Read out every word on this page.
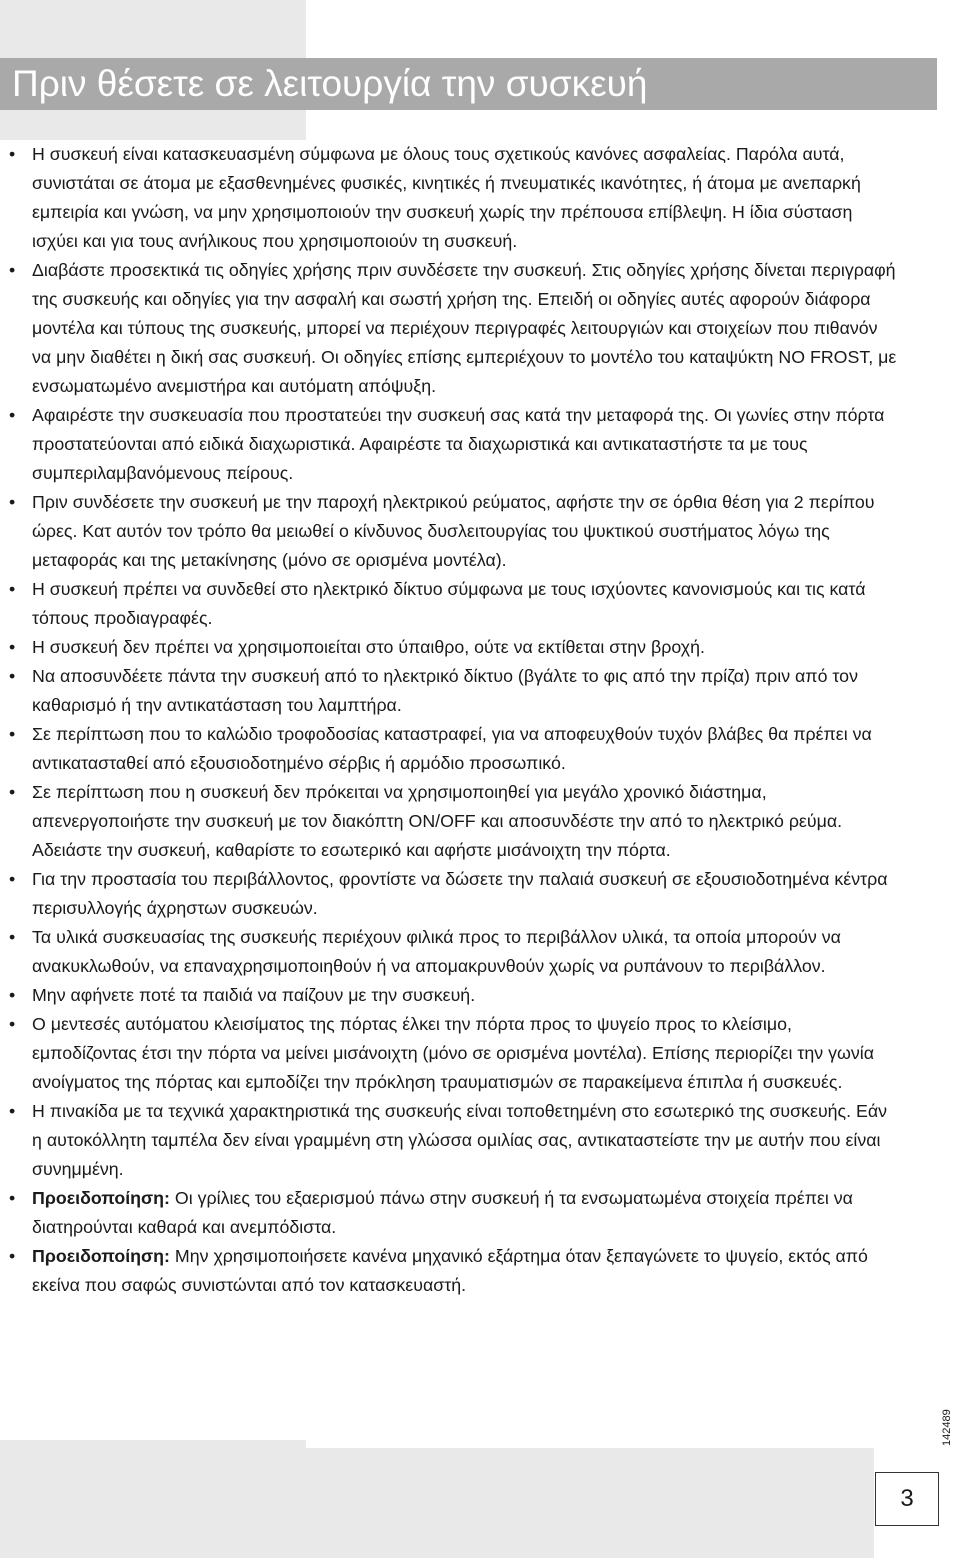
Πριν θέσετε σε λειτουργία την συσκευή
• Η συσκευή είναι κατασκευασμένη σύμφωνα με όλους τους σχετικούς κανόνες ασφαλείας. Παρόλα αυτά, συνιστάται σε άτομα με εξασθενημένες φυσικές, κινητικές ή πνευματικές ικανότητες, ή άτομα με ανεπαρκή εμπειρία και γνώση, να μην χρησιμοποιούν την συσκευή χωρίς την πρέπουσα επίβλεψη. Η ίδια σύσταση ισχύει και για τους ανήλικους που χρησιμοποιούν τη συσκευή.
• Διαβάστε προσεκτικά τις οδηγίες χρήσης πριν συνδέσετε την συσκευή. Στις οδηγίες χρήσης δίνεται περιγραφή της συσκευής και οδηγίες για την ασφαλή και σωστή χρήση της. Επειδή οι οδηγίες αυτές αφορούν διάφορα μοντέλα και τύπους της συσκευής, μπορεί να περιέχουν περιγραφές λειτουργιών και στοιχείων που πιθανόν να μην διαθέτει η δική σας συσκευή. Οι οδηγίες επίσης εμπεριέχουν το μοντέλο του καταψύκτη NO FROST, με ενσωματωμένο ανεμιστήρα και αυτόματη απόψυξη.
• Αφαιρέστε την συσκευασία που προστατεύει την συσκευή σας κατά την μεταφορά της. Οι γωνίες στην πόρτα προστατεύονται από ειδικά διαχωριστικά. Αφαιρέστε τα διαχωριστικά και αντικαταστήστε τα με τους συμπεριλαμβανόμενους πείρους.
• Πριν συνδέσετε την συσκευή με την παροχή ηλεκτρικού ρεύματος, αφήστε την σε όρθια θέση για 2 περίπου ώρες. Κατ αυτόν τον τρόπο θα μειωθεί ο κίνδυνος δυσλειτουργίας του ψυκτικού συστήματος λόγω της μεταφοράς και της μετακίνησης (μόνο σε ορισμένα μοντέλα).
• Η συσκευή πρέπει να συνδεθεί στο ηλεκτρικό δίκτυο σύμφωνα με τους ισχύοντες κανονισμούς και τις κατά τόπους προδιαγραφές.
• Η συσκευή δεν πρέπει να χρησιμοποιείται στο ύπαιθρο, ούτε να εκτίθεται στην βροχή.
• Να αποσυνδέετε πάντα την συσκευή από το ηλεκτρικό δίκτυο (βγάλτε το φις από την πρίζα) πριν από τον καθαρισμό ή την αντικατάσταση του λαμπτήρα.
• Σε περίπτωση που το καλώδιο τροφοδοσίας καταστραφεί, για να αποφευχθούν τυχόν βλάβες θα πρέπει να αντικατασταθεί από εξουσιοδοτημένο σέρβις ή αρμόδιο προσωπικό.
• Σε περίπτωση που η συσκευή δεν πρόκειται να χρησιμοποιηθεί για μεγάλο χρονικό διάστημα, απενεργοποιήστε την συσκευή με τον διακόπτη ON/OFF και αποσυνδέστε την από το ηλεκτρικό ρεύμα. Αδειάστε την συσκευή, καθαρίστε το εσωτερικό και αφήστε μισάνοιχτη την πόρτα.
• Για την προστασία του περιβάλλοντος, φροντίστε να δώσετε την παλαιά συσκευή σε εξουσιοδοτημένα κέντρα περισυλλογής άχρηστων συσκευών.
• Τα υλικά συσκευασίας της συσκευής περιέχουν φιλικά προς το περιβάλλον υλικά, τα οποία μπορούν να ανακυκλωθούν, να επαναχρησιμοποιηθούν ή να απομακρυνθούν χωρίς να ρυπάνουν το περιβάλλον.
• Μην αφήνετε ποτέ τα παιδιά να παίζουν με την συσκευή.
• Ο μεντεσές αυτόματου κλεισίματος της πόρτας έλκει την πόρτα προς το ψυγείο προς το κλείσιμο, εμποδίζοντας έτσι την πόρτα να μείνει μισάνοιχτη (μόνο σε ορισμένα μοντέλα). Επίσης περιορίζει την γωνία ανοίγματος της πόρτας και εμποδίζει την πρόκληση τραυματισμών σε παρακείμενα έπιπλα ή συσκευές.
• Η πινακίδα με τα τεχνικά χαρακτηριστικά της συσκευής είναι τοποθετημένη στο εσωτερικό της συσκευής. Εάν η αυτοκόλλητη ταμπέλα δεν είναι γραμμένη στη γλώσσα ομιλίας σας, αντικαταστείστε την με αυτήν που είναι συνημμένη.
• Προειδοποίηση: Οι γρίλιες του εξαερισμού πάνω στην συσκευή ή τα ενσωματωμένα στοιχεία πρέπει να διατηρούνται καθαρά και ανεμπόδιστα.
• Προειδοποίηση: Μην χρησιμοποιήσετε κανένα μηχανικό εξάρτημα όταν ξεπαγώνετε το ψυγείο, εκτός από εκείνα που σαφώς συνιστώνται από τον κατασκευαστή.
142489
3
